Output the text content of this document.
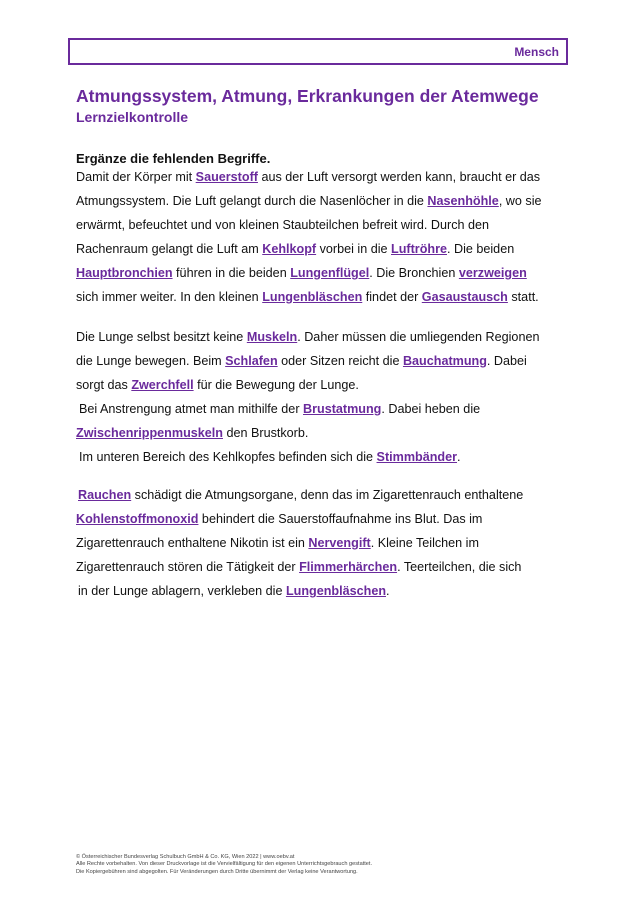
Mensch
Atmungssystem, Atmung, Erkrankungen der Atemwege
Lernzielkontrolle
Ergänze die fehlenden Begriffe.
Damit der Körper mit Sauerstoff aus der Luft versorgt werden kann, braucht er das
Atmungssystem. Die Luft gelangt durch die Nasenlöcher in die Nasenhöhle, wo sie
erwärmt, befeuchtet und von kleinen Staubteilchen befreit wird. Durch den
Rachenraum gelangt die Luft am Kehlkopf vorbei in die Luftröhre. Die beiden
Hauptbronchien führen in die beiden Lungenflügel. Die Bronchien verzweigen
sich immer weiter. In den kleinen Lungenbläschen findet der Gasaustausch statt.
Die Lunge selbst besitzt keine Muskeln. Daher müssen die umliegenden Regionen
die Lunge bewegen. Beim Schlafen oder Sitzen reicht die Bauchatmung. Dabei
sorgt das Zwerchfell für die Bewegung der Lunge.
Bei Anstrengung atmet man mithilfe der Brustatmung. Dabei heben die
Zwischenrippenmuskeln den Brustkorb.
Im unteren Bereich des Kehlkopfes befinden sich die Stimmbänder.
Rauchen schädigt die Atmungsorgane, denn das im Zigarettenrauch enthaltene
Kohlenstoffmonoxid behindert die Sauerstoffaufnahme ins Blut. Das im
Zigarettenrauch enthaltene Nikotin ist ein Nervengift. Kleine Teilchen im
Zigarettenrauch stören die Tätigkeit der Flimmerhärchen. Teerteilchen, die sich
in der Lunge ablagern, verkleben die Lungenbläschen.
© Österreichischer Bundesverlag Schulbuch GmbH & Co. KG, Wien 2022 | www.oebv.at
Alle Rechte vorbehalten. Von dieser Druckvorlage ist die Vervielfältigung für den eigenen Unterrichtsgebrauch gestattet.
Die Kopiergebühren sind abgegolten. Für Veränderungen durch Dritte übernimmt der Verlag keine Verantwortung.
